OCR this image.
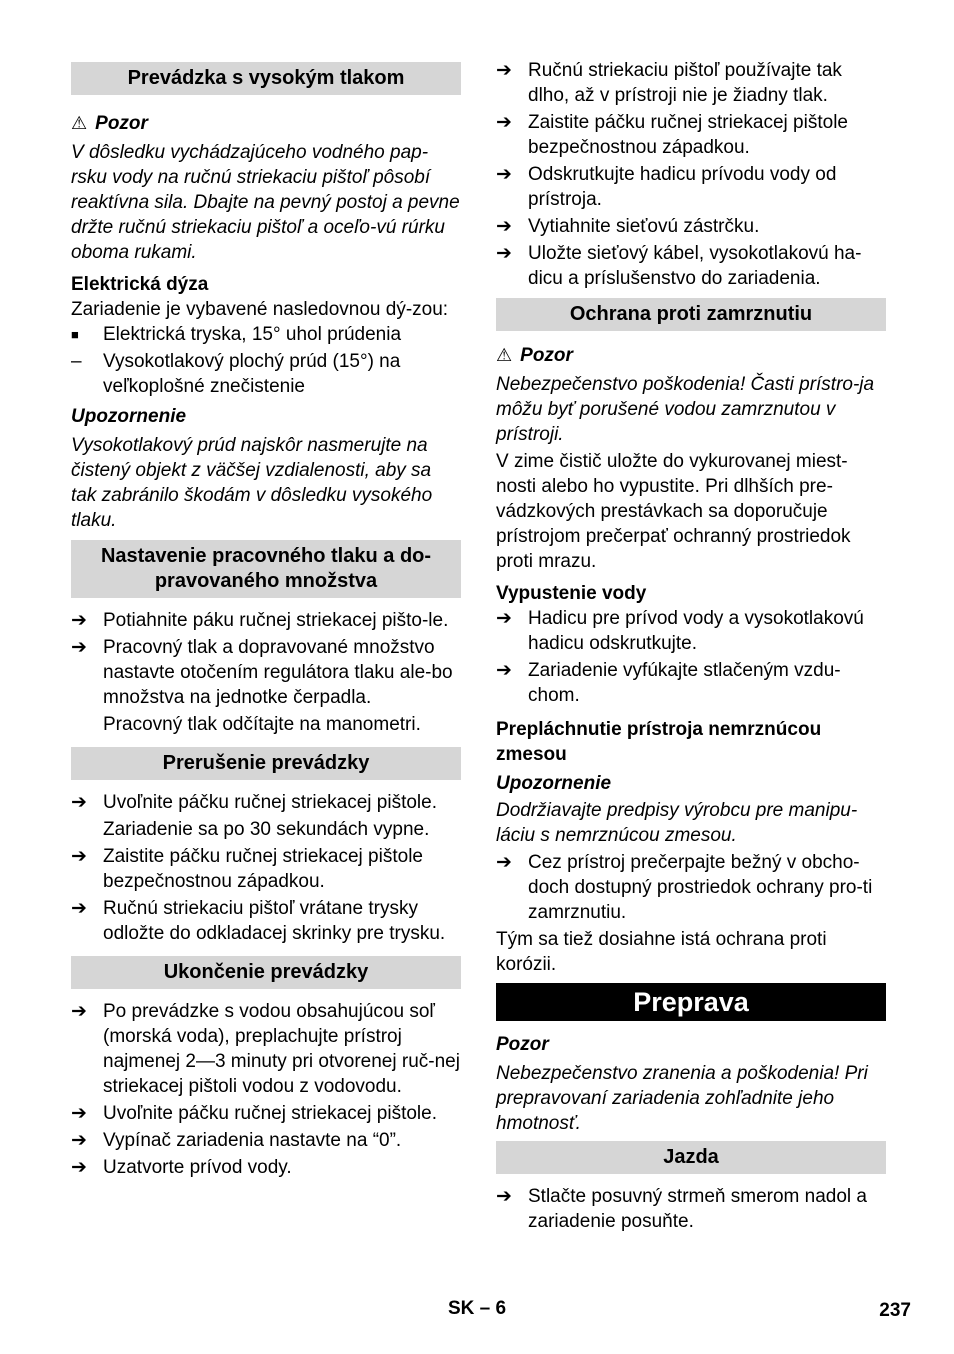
Prevádzka s vysokým tlakom
⚠ Pozor
V dôsledku vychádzajúceho vodného pap-rsku vody na ručnú striekaciu pištoľ pôsobí reaktívna sila. Dbajte na pevný postoj a pevne držte ručnú striekaciu pištoľ a oceľo-vú rúrku oboma rukami.
Elektrická dýza
Zariadenie je vybavené nasledovnou dý-zou:
■	Elektrická tryska, 15° uhol prúdenia
–	Vysokotlakový plochý prúd (15°) na veľkoplošné znečistenie
Upozornenie
Vysokotlakový prúd najskôr nasmerujte na čistený objekt z väčšej vzdialenosti, aby sa tak zabránilo škodám v dôsledku vysokého tlaku.
Nastavenie pracovného tlaku a do-pravovaného množstva
➔ Potiahnite páku ručnej striekacej pišto-le.
➔ Pracovný tlak a dopravované množstvo nastavte otočením regulátora tlaku ale-bo množstva na jednotke čerpadla.
Pracovný tlak odčítajte na manometri.
Prerušenie prevádzky
➔ Uvoľnite páčku ručnej striekacej pištole.
Zariadenie sa po 30 sekundách vypne.
➔ Zaistite páčku ručnej striekacej pištole bezpečnostnou západkou.
➔ Ručnú striekaciu pištoľ vrátane trysky odložte do odkladacej skrinky pre trysku.
Ukončenie prevádzky
➔ Po prevádzke s vodou obsahujúcou soľ (morská voda), preplachujte prístroj najmenej 2—3 minuty pri otvorenej ruč-nej striekacej pištoli vodou z vodovodu.
➔ Uvoľnite páčku ručnej striekacej pištole.
➔ Vypínač zariadenia nastavte na “0”.
➔ Uzatvorte prívod vody.
➔ Ručnú striekaciu pištoľ používajte tak dlho, až v prístroji nie je žiadny tlak.
➔ Zaistite páčku ručnej striekacej pištole bezpečnostnou západkou.
➔ Odskrutkujte hadicu prívodu vody od prístroja.
➔ Vytiahnite sieťovú zástrčku.
➔ Uložte sieťový kábel, vysokotlakovú ha-dicu a príslušenstvo do zariadenia.
Ochrana proti zamrznutiu
⚠ Pozor
Nebezpečenstvo poškodenia! Časti prístro-ja môžu byť porušené vodou zamrznutou v prístroji.
V zime čistič uložte do vykurovanej miest-nosti alebo ho vypustite. Pri dlhších pre-vádzkových prestávkach sa doporučuje prístrojom prečerpať ochranný prostriedok proti mrazu.
Vypustenie vody
➔ Hadicu pre prívod vody a vysokotlakovú hadicu odskrutkujte.
➔ Zariadenie vyfúkajte stlačeným vzdu-chom.
Prepláchnutie prístroja nemrznúcou zmesou
Upozornenie
Dodržiavajte predpisy výrobcu pre manipu-láciu s nemrznúcou zmesou.
➔ Cez prístroj prečerpajte bežný v obcho-doch dostupný prostriedok ochrany pro-ti zamrznutiu.
Tým sa tiež dosiahne istá ochrana proti korózii.
Preprava
Pozor
Nebezpečenstvo zranenia a poškodenia! Pri prepravovaní zariadenia zohľadnite jeho hmotnosť.
Jazda
➔ Stlačte posuvný strmeň smerom nadol a zariadenie posuňte.
SK – 6	237
